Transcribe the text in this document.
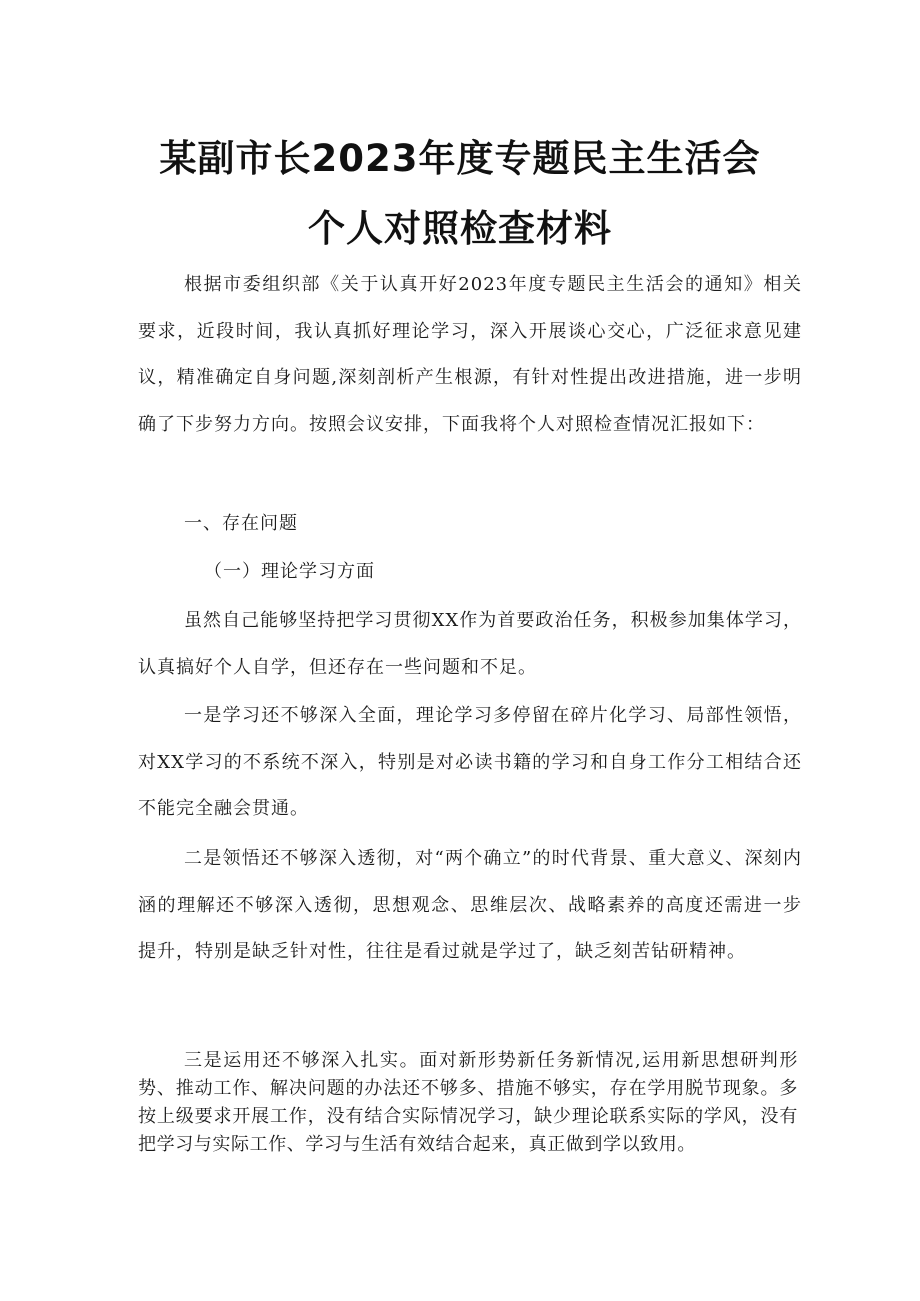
某副市长2023年度专题民主生活会
个人对照检查材料

根据市委组织部《关于认真开好2023年度专题民主生活会的通知》相关要求，近段时间，我认真抓好理论学习，深入开展谈心交心，广泛征求意见建议，精准确定自身问题,深刻剖析产生根源，有针对性提出改进措施，进一步明确了下步努力方向。按照会议安排，下面我将个人对照检查情况汇报如下：

一、存在问题

（一）理论学习方面

虽然自己能够坚持把学习贯彻XX作为首要政治任务，积极参加集体学习，认真搞好个人自学，但还存在一些问题和不足。

一是学习还不够深入全面，理论学习多停留在碎片化学习、局部性领悟，对XX学习的不系统不深入，特别是对必读书籍的学习和自身工作分工相结合还不能完全融会贯通。

二是领悟还不够深入透彻，对“两个确立”的时代背景、重大意义、深刻内涵的理解还不够深入透彻，思想观念、思维层次、战略素养的高度还需进一步提升，特别是缺乏针对性，往往是看过就是学过了，缺乏刻苦钻研精神。

三是运用还不够深入扎实。面对新形势新任务新情况,运用新思想研判形势、推动工作、解决问题的办法还不够多、措施不够实，存在学用脱节现象。多按上级要求开展工作，没有结合实际情况学习，缺少理论联系实际的学风，没有把学习与实际工作、学习与生活有效结合起来，真正做到学以致用。
